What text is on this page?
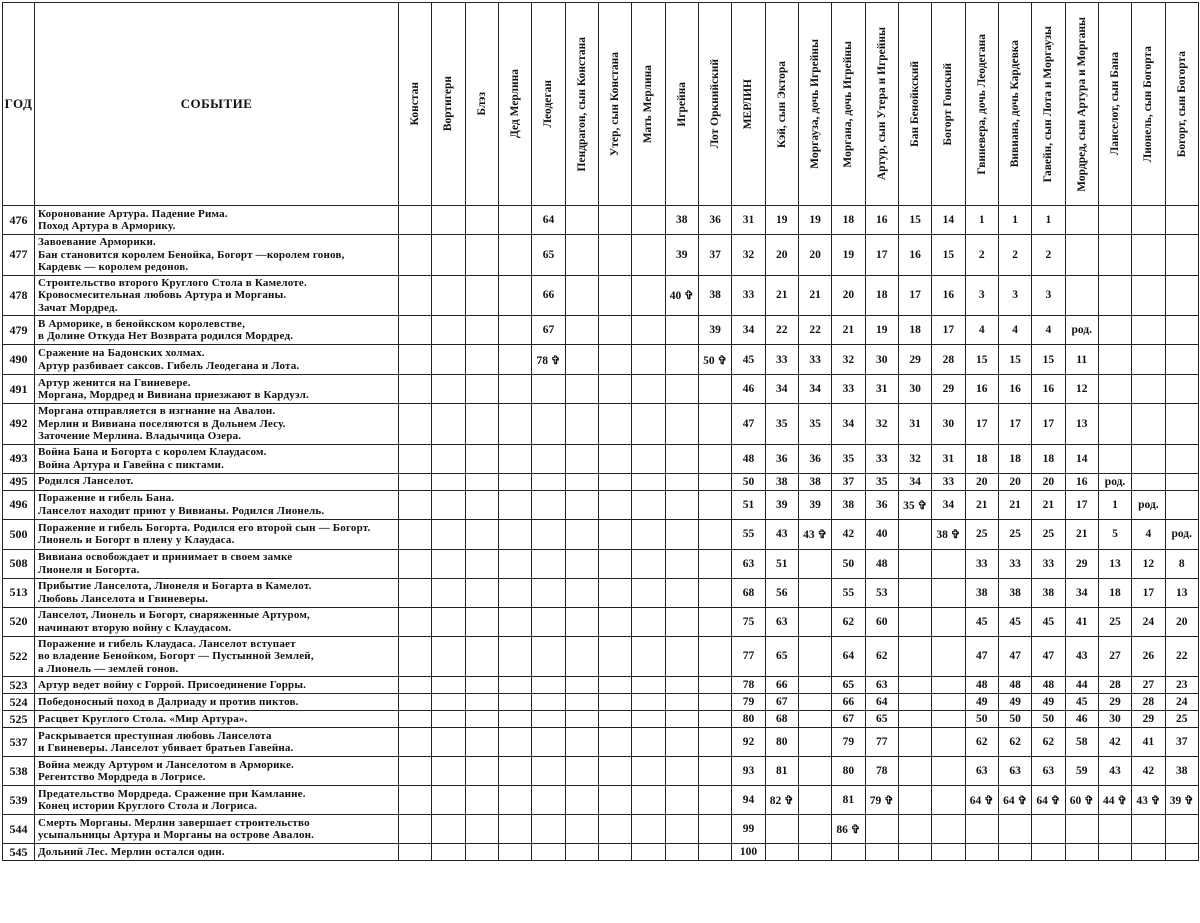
ГОД	СОБЫТИЕ	Констан	Вортигерн	Блэз	Дед Мерлина	Леодеган	Пендрагон, сын Констана	Утер, сын Констана	Мать Мерлина	Игрейна	Лот Оркнийский	МЕРЛИН	Кэй, сын Эктора	Моргауза, дочь Игрейны	Моргана, дочь Игрейны	Артур, сын Утера и Игрейны	Бан Бенойкский	Богорт Гонский	Гвиневера, дочь Леодегана	Вивиана, дочь Кардевка	Гавейн, сын Лота и Моргаузы	Мордред, сын Артура и Морганы	Ланселот, сын Бана	Лионель, сын Богорта	Богорт, сын Богорта

476	Коронование Артура. Падение Рима.
Поход Артура в Арморику.					64				38	36	31	19	19	18	16	15	14	1	1	1				
477	Завоевание Арморики.
Бан становится королем Бенойка, Богорт —королем гонов,
Кардевк — королем редонов.					65				39	37	32	20	20	19	17	16	15	2	2	2				
478	Строительство второго Круглого Стола в Камелоте.
Кровосмесительная любовь Артура и Морганы.
Зачат Мордред.					66				40 ✞	38	33	21	21	20	18	17	16	3	3	3				
479	В Арморике, в бенойкском королевстве,
в Долине Откуда Нет Возврата родился Мордред.					67					39	34	22	22	21	19	18	17	4	4	4	род.			
490	Сражение на Бадонских холмах.
Артур разбивает саксов. Гибель Леодегана и Лота.					78 ✞					50 ✞	45	33	33	32	30	29	28	15	15	15	11			
491	Артур женится на Гвиневере.
Моргана, Мордред и Вивиана приезжают в Кардуэл.											46	34	34	33	31	30	29	16	16	16	12			
492	Моргана отправляется в изгнание на Авалон.
Мерлин и Вивиана поселяются в Дольнем Лесу.
Заточение Мерлина. Владычица Озера.											47	35	35	34	32	31	30	17	17	17	13			
493	Война Бана и Богорта с королем Клаудасом.
Война Артура и Гавейна с пиктами.											48	36	36	35	33	32	31	18	18	18	14			
495	Родился Ланселот.											50	38	38	37	35	34	33	20	20	20	16	род.		
496	Поражение и гибель Бана.
Ланселот находит приют у Вивианы. Родился Лионель.											51	39	39	38	36	35 ✞	34	21	21	21	17	1	род.	
500	Поражение и гибель Богорта. Родился его второй сын — Богорт.
Лионель и Богорт в плену у Клаудаса.											55	43	43 ✞	42	40		38 ✞	25	25	25	21	5	4	род.
508	Вивиана освобождает и принимает в своем замке
Лионеля и Богорта.											63	51		50	48			33	33	33	29	13	12	8
513	Прибытие Ланселота, Лионеля и Богарта в Камелот.
Любовь Ланселота и Гвиневеры.											68	56		55	53			38	38	38	34	18	17	13
520	Ланселот, Лионель и Богорт, снаряженные Артуром,
начинают вторую войну с Клаудасом.											75	63		62	60			45	45	45	41	25	24	20
522	Поражение и гибель Клаудаса. Ланселот вступает
во владение Бенойком, Богорт — Пустынной Землей,
а Лионель — землей гонов.											77	65		64	62			47	47	47	43	27	26	22
523	Артур ведет войну с Горрой. Присоединение Горры.											78	66		65	63			48	48	48	44	28	27	23
524	Победоносный поход в Далриаду и против пиктов.											79	67		66	64			49	49	49	45	29	28	24
525	Расцвет Круглого Стола. «Мир Артура».											80	68		67	65			50	50	50	46	30	29	25
537	Раскрывается преступная любовь Ланселота
и Гвиневеры. Ланселот убивает братьев Гавейна.											92	80		79	77			62	62	62	58	42	41	37
538	Война между Артуром и Ланселотом в Арморике.
Регентство Мордреда в Логрисе.											93	81		80	78			63	63	63	59	43	42	38
539	Предательство Мордреда. Сражение при Камланне.
Конец истории Круглого Стола и Логриса.											94	82 ✞		81	79 ✞			64 ✞	64 ✞	64 ✞	60 ✞	44 ✞	43 ✞	39 ✞
544	Смерть Морганы. Мерлин завершает строительство
усыпальницы Артура и Морганы на острове Авалон.											99			86 ✞										
545	Дольний Лес. Мерлин остался один.											100													
